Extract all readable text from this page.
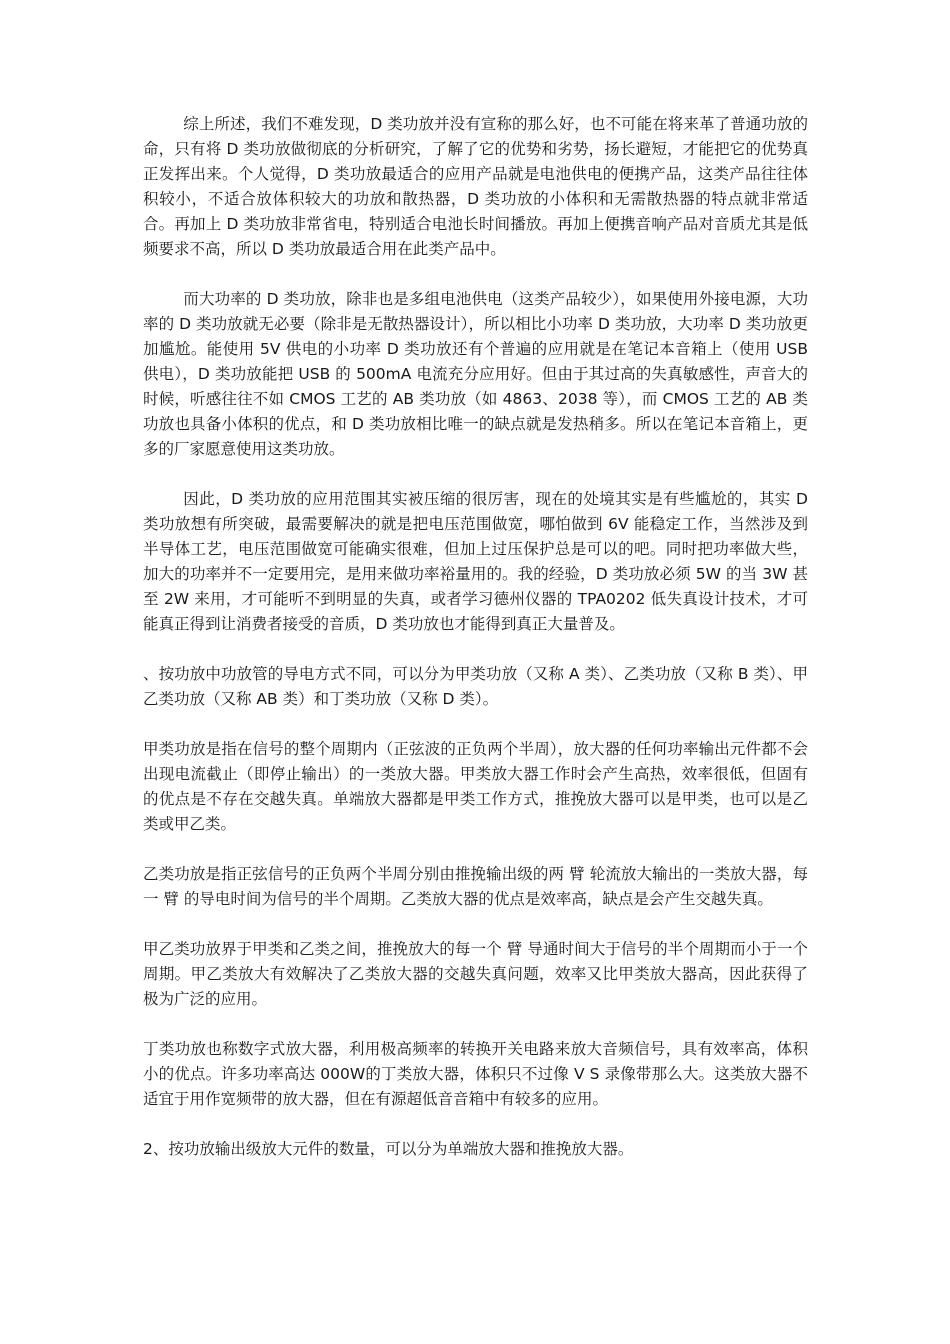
综上所述，我们不难发现，D 类功放并没有宣称的那么好，也不可能在将来革了普通功放的命，只有将 D 类功放做彻底的分析研究，了解了它的优势和劣势，扬长避短，才能把它的优势真正发挥出来。个人觉得，D 类功放最适合的应用产品就是电池供电的便携产品，这类产品往往体积较小，不适合放体积较大的功放和散热器，D 类功放的小体积和无需散热器的特点就非常适合。再加上 D 类功放非常省电，特别适合电池长时间播放。再加上便携音响产品对音质尤其是低频要求不高，所以 D 类功放最适合用在此类产品中。

而大功率的 D 类功放，除非也是多组电池供电（这类产品较少），如果使用外接电源，大功率的 D 类功放就无必要（除非是无散热器设计），所以相比小功率 D 类功放，大功率 D 类功放更加尴尬。能使用 5V 供电的小功率 D 类功放还有个普遍的应用就是在笔记本音箱上（使用 USB 供电），D 类功放能把 USB 的 500mA 电流充分应用好。但由于其过高的失真敏感性，声音大的时候，听感往往不如 CMOS 工艺的 AB 类功放（如 4863、2038 等），而 CMOS 工艺的 AB 类功放也具备小体积的优点，和 D 类功放相比唯一的缺点就是发热稍多。所以在笔记本音箱上，更多的厂家愿意使用这类功放。

因此，D 类功放的应用范围其实被压缩的很厉害，现在的处境其实是有些尴尬的，其实 D 类功放想有所突破，最需要解决的就是把电压范围做宽，哪怕做到 6V 能稳定工作，当然涉及到半导体工艺，电压范围做宽可能确实很难，但加上过压保护总是可以的吧。同时把功率做大些，加大的功率并不一定要用完，是用来做功率裕量用的。我的经验，D 类功放必须 5W 的当 3W 甚至 2W 来用，才可能听不到明显的失真，或者学习德州仪器的 TPA0202 低失真设计技术，才可能真正得到让消费者接受的音质，D 类功放也才能得到真正大量普及。

、按功放中功放管的导电方式不同，可以分为甲类功放（又称 A 类）、乙类功放（又称 B 类）、甲乙类功放（又称 AB 类）和丁类功放（又称 D 类）。

甲类功放是指在信号的整个周期内（正弦波的正负两个半周），放大器的任何功率输出元件都不会出现电流截止（即停止输出）的一类放大器。甲类放大器工作时会产生高热，效率很低，但固有的优点是不存在交越失真。单端放大器都是甲类工作方式，推挽放大器可以是甲类，也可以是乙类或甲乙类。

乙类功放是指正弦信号的正负两个半周分别由推挽输出级的两 臂 轮流放大输出的一类放大器，每一 臂 的导电时间为信号的半个周期。乙类放大器的优点是效率高，缺点是会产生交越失真。

甲乙类功放界于甲类和乙类之间，推挽放大的每一个 臂 导通时间大于信号的半个周期而小于一个周期。甲乙类放大有效解决了乙类放大器的交越失真问题，效率又比甲类放大器高，因此获得了极为广泛的应用。

丁类功放也称数字式放大器，利用极高频率的转换开关电路来放大音频信号，具有效率高，体积小的优点。许多功率高达 000W的丁类放大器，体积只不过像 V S 录像带那么大。这类放大器不适宜于用作宽频带的放大器，但在有源超低音音箱中有较多的应用。

2、按功放输出级放大元件的数量，可以分为单端放大器和推挽放大器。
